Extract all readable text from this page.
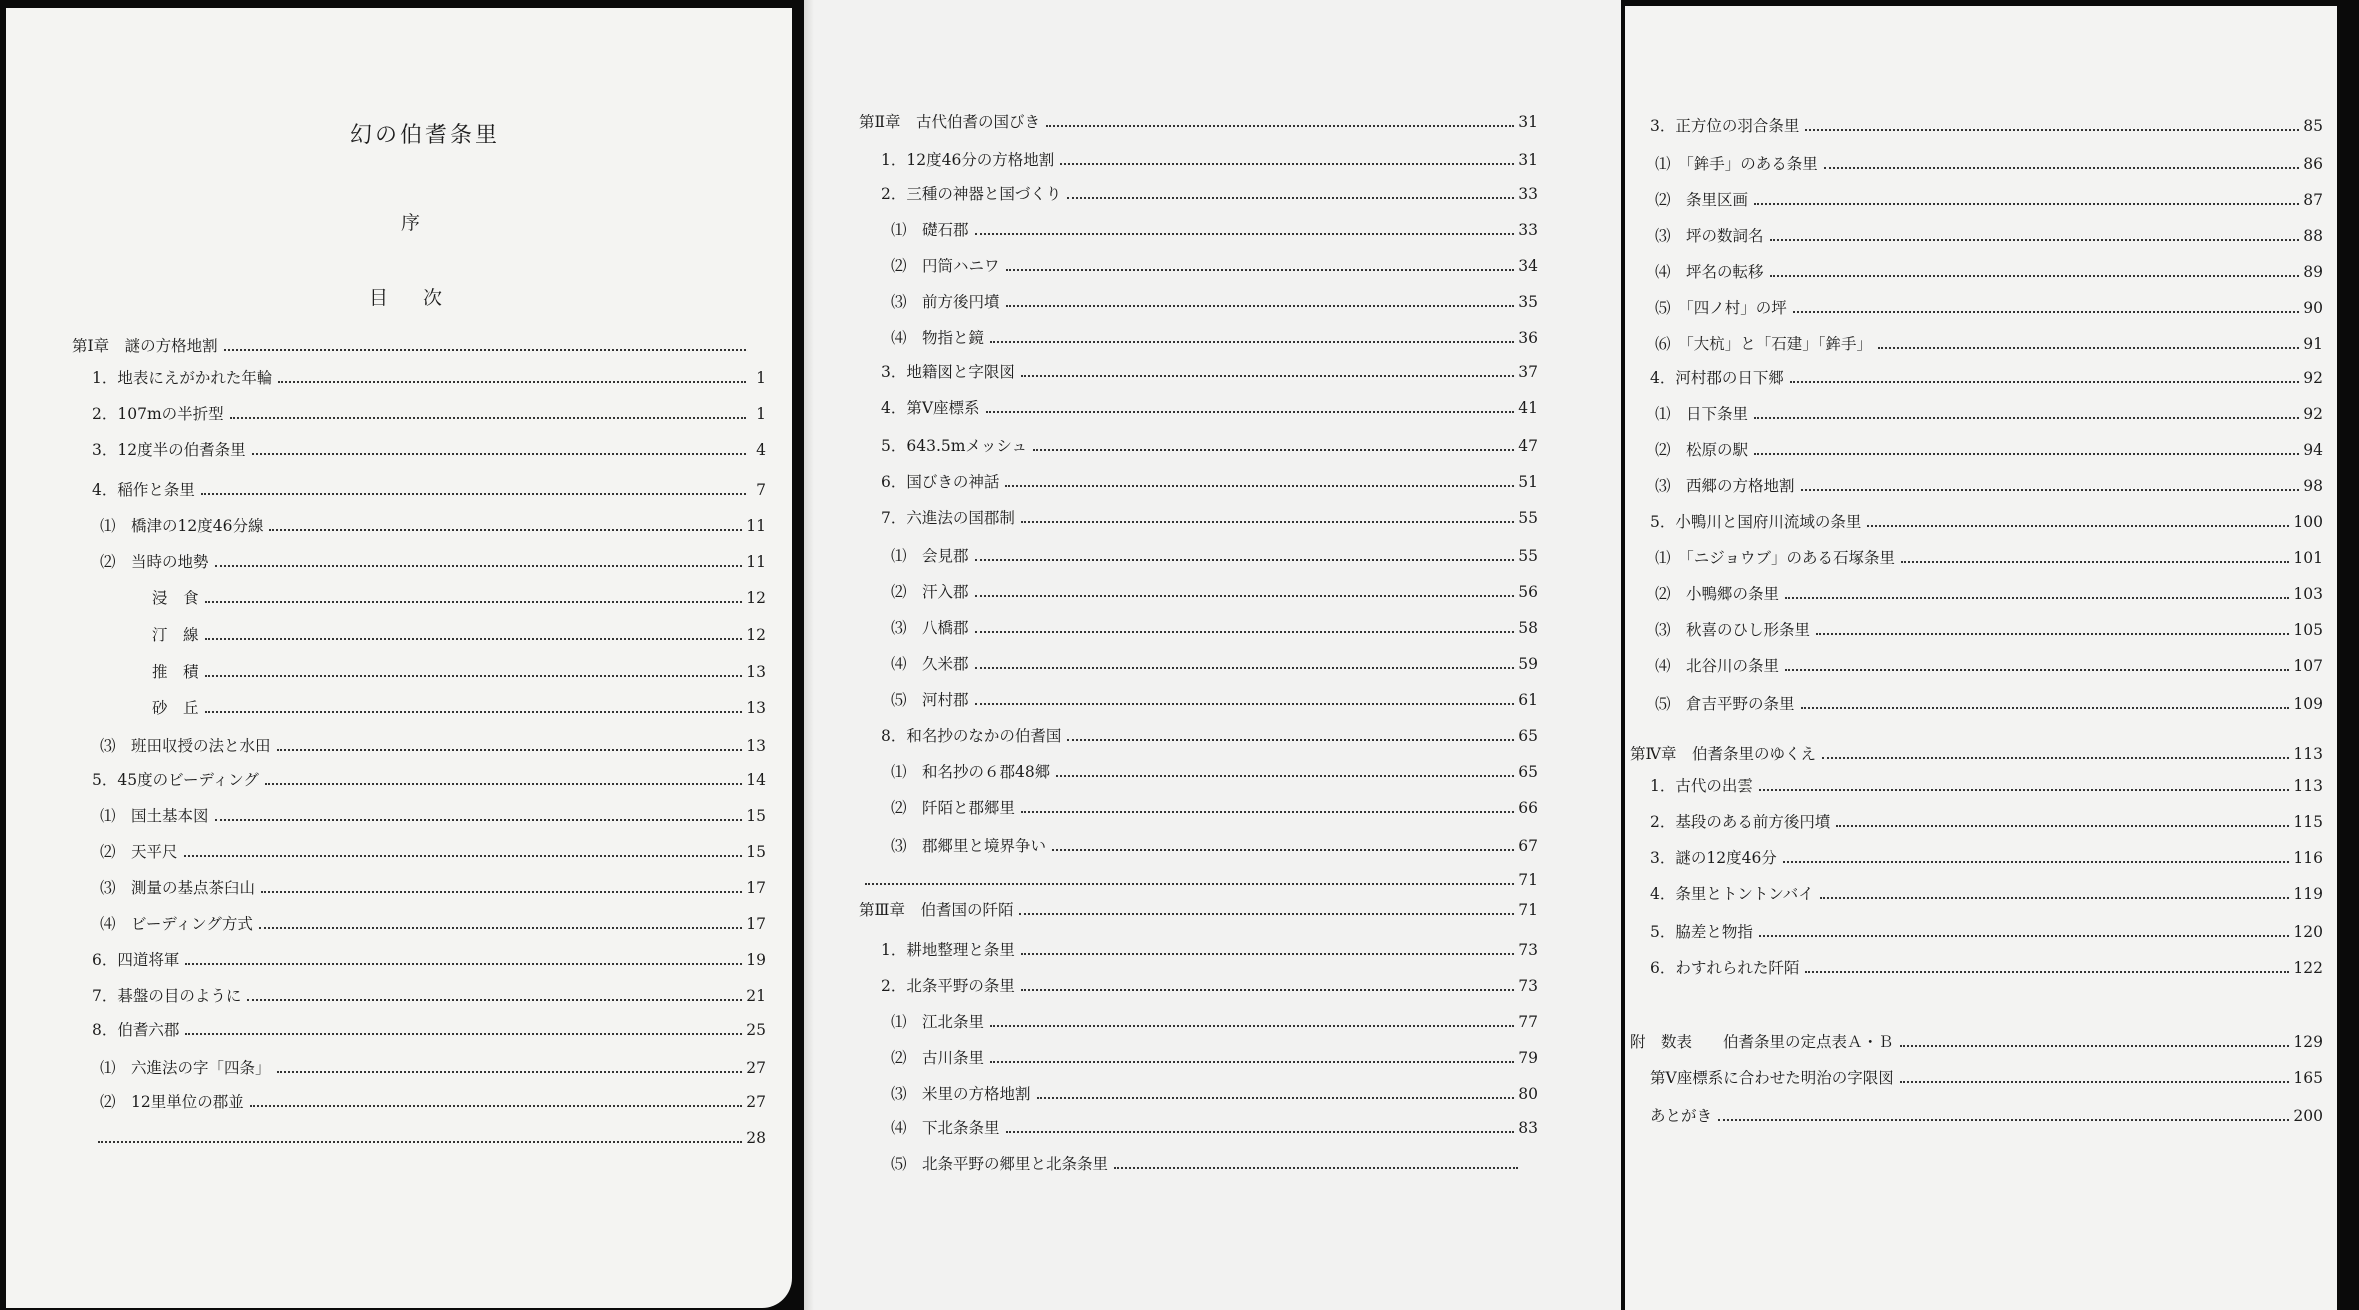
幻の伯耆条里
序
目　次
第Ⅰ章　謎の方格地割
1．地表にえがかれた年輪	1
2．107mの半折型	1
3．12度半の伯耆条里	4
4．稲作と条里	7
⑴　橋津の12度46分線	11
⑵　当時の地勢	11
浸　食	12
汀　線	12
推　積	13
砂　丘	13
⑶　班田収授の法と水田	13
5．45度のビーディング	14
⑴　国土基本図	15
⑵　天平尺	15
⑶　測量の基点茶臼山	17
⑷　ビーディング方式	17
6．四道将軍	19
7．碁盤の目のように	21
8．伯耆六郡	25
⑴　六進法の字「四条」	27
⑵　12里単位の郡並	27
28
第Ⅱ章　古代伯耆の国びき	31
1．12度46分の方格地割	31
2．三種の神器と国づくり	33
⑴　礎石郡	33
⑵　円筒ハニワ	34
⑶　前方後円墳	35
⑷　物指と鏡	36
3．地籍図と字限図	37
4．第Ⅴ座標系	41
5．643.5mメッシュ	47
6．国びきの神話	51
7．六進法の国郡制	55
⑴　会見郡	55
⑵　汗入郡	56
⑶　八橋郡	58
⑷　久米郡	59
⑸　河村郡	61
8．和名抄のなかの伯耆国	65
⑴　和名抄の６郡48郷	65
⑵　阡陌と郡郷里	66
⑶　郡郷里と境界争い	67
71
第Ⅲ章　伯耆国の阡陌	71
1．耕地整理と条里	73
2．北条平野の条里	73
⑴　江北条里	77
⑵　古川条里	79
⑶　米里の方格地割	80
⑷　下北条条里	83
⑸　北条平野の郷里と北条条里
3．正方位の羽合条里	85
⑴　「鉾手」のある条里	86
⑵　条里区画	87
⑶　坪の数詞名	88
⑷　坪名の転移	89
⑸　「四ノ村」の坪	90
⑹　「大杭」と「石建」「鉾手」	91
4．河村郡の日下郷	92
⑴　日下条里	92
⑵　松原の駅	94
⑶　西郷の方格地割	98
5．小鴨川と国府川流域の条里	100
⑴　「ニジョウブ」のある石塚条里	101
⑵　小鴨郷の条里	103
⑶　秋喜のひし形条里	105
⑷　北谷川の条里	107
⑸　倉吉平野の条里	109
第Ⅳ章　伯耆条里のゆくえ	113
1．古代の出雲	113
2．基段のある前方後円墳	115
3．謎の12度46分	116
4．条里とトントンバイ	119
5．脇差と物指	120
6．わすれられた阡陌	122
附　数表　　伯耆条里の定点表Ａ・Ｂ	129
第Ⅴ座標系に合わせた明治の字限図	165
あとがき	200
